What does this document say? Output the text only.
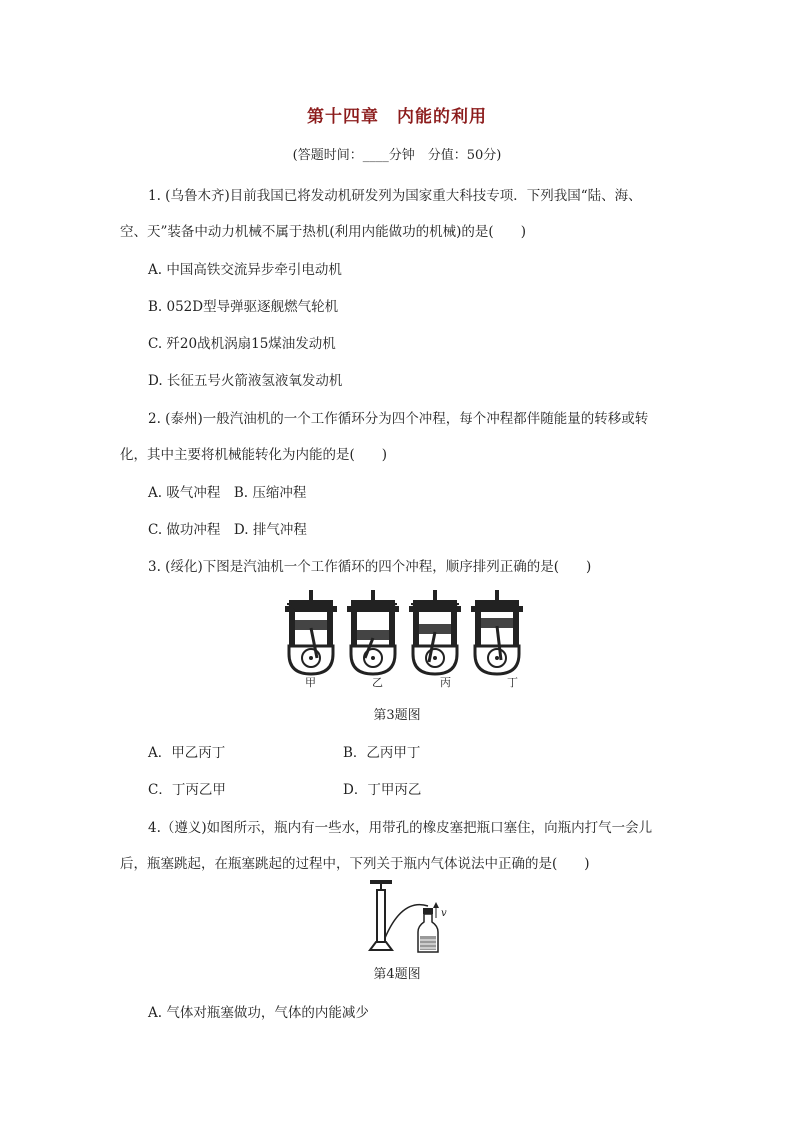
第十四章　内能的利用
(答题时间：____分钟　分值：50分)
1. (乌鲁木齐)目前我国已将发动机研发列为国家重大科技专项．下列我国“陆、海、
空、天”装备中动力机械不属于热机(利用内能做功的机械)的是(　　)
A. 中国高铁交流异步牵引电动机
B. 052D型导弹驱逐舰燃气轮机
C. 歼20战机涡扇15煤油发动机
D. 长征五号火箭液氢液氧发动机
2. (泰州)一般汽油机的一个工作循环分为四个冲程，每个冲程都伴随能量的转移或转
化，其中主要将机械能转化为内能的是(　　)
A. 吸气冲程　B. 压缩冲程
C. 做功冲程　D. 排气冲程
3. (绥化)下图是汽油机一个工作循环的四个冲程，顺序排列正确的是(　　)
甲	乙	丙	丁
第3题图
A．甲乙丙丁	B．乙丙甲丁
C．丁丙乙甲	D．丁甲丙乙
4.（遵义)如图所示，瓶内有一些水，用带孔的橡皮塞把瓶口塞住，向瓶内打气一会儿
后，瓶塞跳起，在瓶塞跳起的过程中，下列关于瓶内气体说法中正确的是(　　)
v
第4题图
A. 气体对瓶塞做功，气体的内能减少
